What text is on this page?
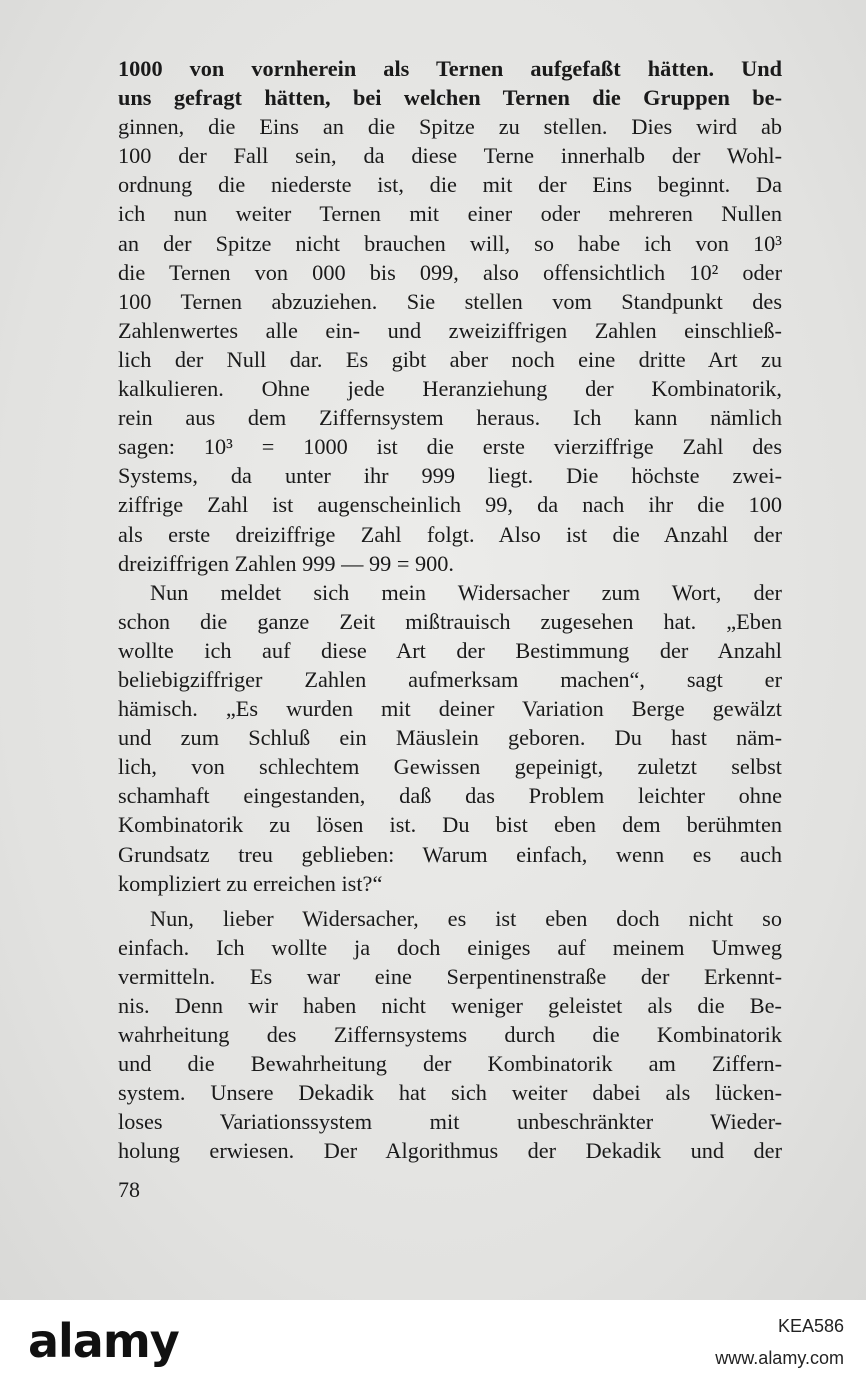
1000 von vornherein als Ternen aufgefaßt hätten. Und
uns gefragt hätten, bei welchen Ternen die Gruppen be-
ginnen, die Eins an die Spitze zu stellen. Dies wird ab
100 der Fall sein, da diese Terne innerhalb der Wohl-
ordnung die niederste ist, die mit der Eins beginnt. Da
ich nun weiter Ternen mit einer oder mehreren Nullen
an der Spitze nicht brauchen will, so habe ich von 10³
die Ternen von 000 bis 099, also offensichtlich 10² oder
100 Ternen abzuziehen. Sie stellen vom Standpunkt des
Zahlenwertes alle ein- und zweiziffrigen Zahlen einschließ-
lich der Null dar. Es gibt aber noch eine dritte Art zu
kalkulieren. Ohne jede Heranziehung der Kombinatorik,
rein aus dem Ziffernsystem heraus. Ich kann nämlich
sagen: 10³ = 1000 ist die erste vierziffrige Zahl des
Systems, da unter ihr 999 liegt. Die höchste zwei-
ziffrige Zahl ist augenscheinlich 99, da nach ihr die 100
als erste dreiziffrige Zahl folgt. Also ist die Anzahl der
dreiziffrigen Zahlen 999 — 99 = 900.
Nun meldet sich mein Widersacher zum Wort, der
schon die ganze Zeit mißtrauisch zugesehen hat. „Eben
wollte ich auf diese Art der Bestimmung der Anzahl
beliebigziffriger Zahlen aufmerksam machen“, sagt er
hämisch. „Es wurden mit deiner Variation Berge gewälzt
und zum Schluß ein Mäuslein geboren. Du hast näm-
lich, von schlechtem Gewissen gepeinigt, zuletzt selbst
schamhaft eingestanden, daß das Problem leichter ohne
Kombinatorik zu lösen ist. Du bist eben dem berühmten
Grundsatz treu geblieben: Warum einfach, wenn es auch
kompliziert zu erreichen ist?“
Nun, lieber Widersacher, es ist eben doch nicht so
einfach. Ich wollte ja doch einiges auf meinem Umweg
vermitteln. Es war eine Serpentinenstraße der Erkennt-
nis. Denn wir haben nicht weniger geleistet als die Be-
wahrheitung des Ziffernsystems durch die Kombinatorik
und die Bewahrheitung der Kombinatorik am Ziffern-
system. Unsere Dekadik hat sich weiter dabei als lücken-
loses Variationssystem mit unbeschränkter Wieder-
holung erwiesen. Der Algorithmus der Dekadik und der
78
alamy	KEA586
www.alamy.com
